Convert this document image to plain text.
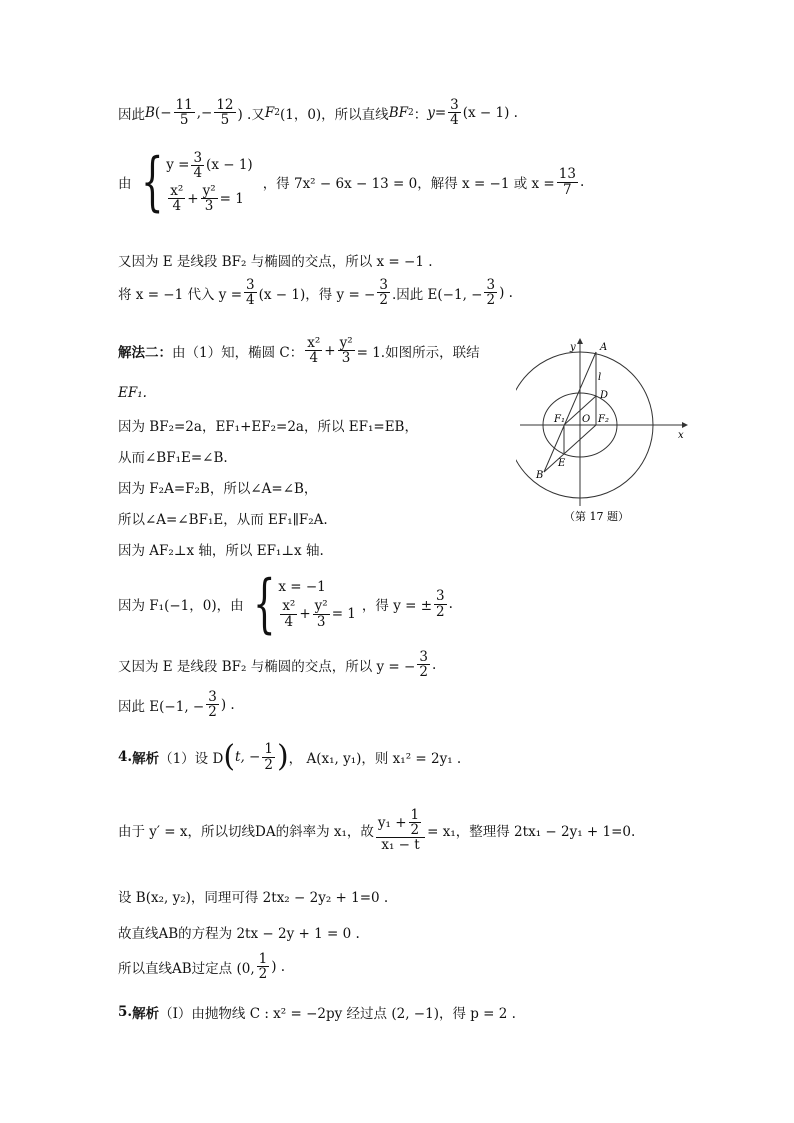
因此 B (− $\frac{11}{5}$ ,− $\frac{12}{5}$ ) .又 F 2 (1，0)，所以直线 BF 2 ： $y = \frac{3}{4} (x - 1)$ .
由 { $y = \frac{3}{4} (x - 1)$
$\frac{\text{x²}}{4} + \frac{\text{y²}}{3} = 1$
，得 7x² − 6x − 13 = 0，解得 x = −1 或 $x = \frac{13}{7}$ .
又因为 E 是线段 BF₂ 与椭圆的交点，所以 x = −1 .
将 x = −1 代入 $y = \frac{3}{4} (x - 1)$，得 y = − $\frac{3}{2}$ .因此 E(−1, − $\frac{3}{2}$ ) .
解法二： 由（1）知，椭圆 C： $\frac{\text{x²}}{4} + \frac{\text{y²}}{3} = 1$.如图所示，联结
EF₁.
因为 BF₂=2a，EF₁+EF₂=2a，所以 EF₁=EB，
从而∠BF₁E=∠B.
因为 F₂A=F₂B，所以∠A=∠B，
所以∠A=∠BF₁E，从而 EF₁∥F₂A.
因为 AF₂⊥x 轴，所以 EF₁⊥x 轴.
因为 F₁(−1，0)，由 { x = −1
$\frac{\text{x²}}{4} + \frac{\text{y²}}{3} = 1$ ，得 y = ± $\frac{3}{2}$ .
又因为 E 是线段 BF₂ 与椭圆的交点，所以 y = − $\frac{3}{2}$ .
因此 E(−1, − $\frac{3}{2}$ ) .
4. 解析 （1）设 D ( t, − $\frac{1}{2}$ ) ， A(x₁, y₁)，则 x₁² = 2y₁ .
由于 y′ = x，所以切线DA的斜率为 x₁，故 $\frac{y_1 + \frac{1}{2}}{\text{x₁ − t}} = x_1$，整理得 2tx₁ − 2y₁ + 1=0.
设 B(x₂, y₂)，同理可得 2tx₂ − 2y₂ + 1=0 .
故直线AB的方程为 2tx − 2y + 1 = 0 .
所以直线AB过定点 (0, $\frac{1}{2}$ ) .
5. 解析 （I）由抛物线 C : x² = −2py 经过点 (2, −1)，得 p = 2 .
A
B
D
E
O
F₁	F₂
l
y
x
（第 17 题）
